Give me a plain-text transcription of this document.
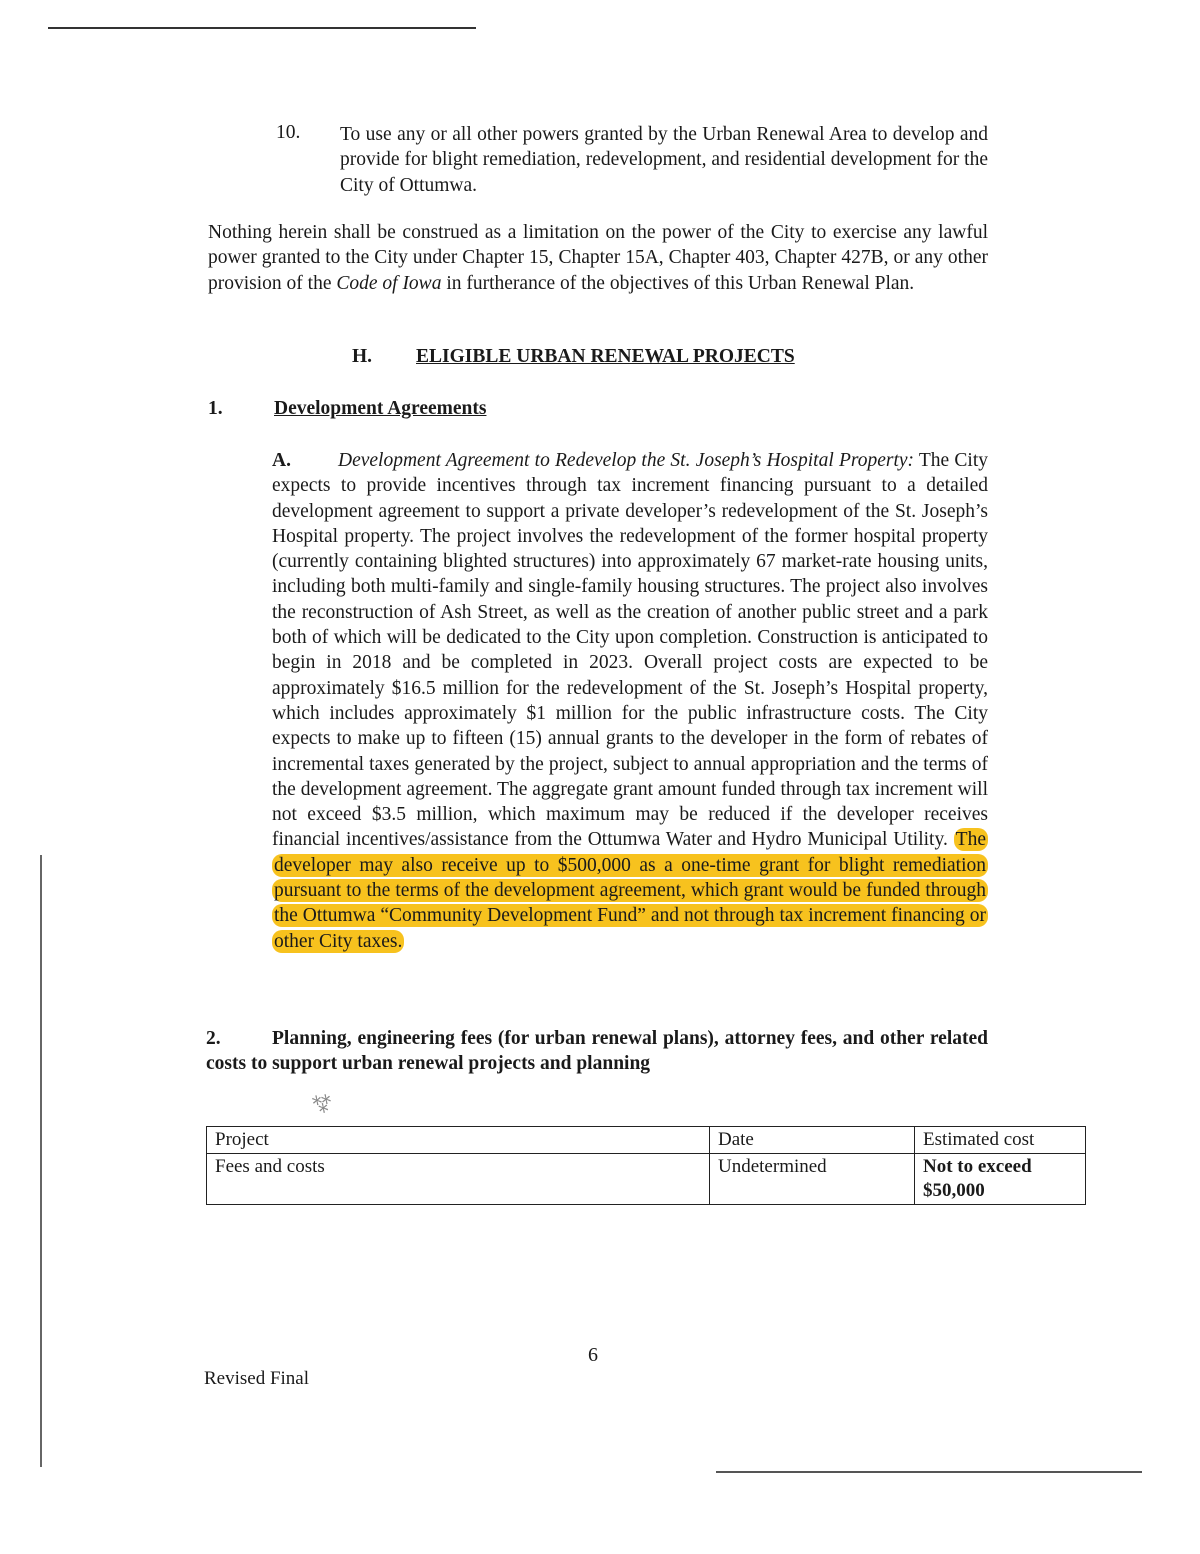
10. To use any or all other powers granted by the Urban Renewal Area to develop and provide for blight remediation, redevelopment, and residential development for the City of Ottumwa.
Nothing herein shall be construed as a limitation on the power of the City to exercise any lawful power granted to the City under Chapter 15, Chapter 15A, Chapter 403, Chapter 427B, or any other provision of the Code of Iowa in furtherance of the objectives of this Urban Renewal Plan.
H. ELIGIBLE URBAN RENEWAL PROJECTS
1.	Development Agreements
A. Development Agreement to Redevelop the St. Joseph’s Hospital Property: The City expects to provide incentives through tax increment financing pursuant to a detailed development agreement to support a private developer’s redevelopment of the St. Joseph’s Hospital property. The project involves the redevelopment of the former hospital property (currently containing blighted structures) into approximately 67 market-rate housing units, including both multi-family and single-family housing structures. The project also involves the reconstruction of Ash Street, as well as the creation of another public street and a park both of which will be dedicated to the City upon completion. Construction is anticipated to begin in 2018 and be completed in 2023. Overall project costs are expected to be approximately $16.5 million for the redevelopment of the St. Joseph’s Hospital property, which includes approximately $1 million for the public infrastructure costs. The City expects to make up to fifteen (15) annual grants to the developer in the form of rebates of incremental taxes generated by the project, subject to annual appropriation and the terms of the development agreement. The aggregate grant amount funded through tax increment will not exceed $3.5 million, which maximum may be reduced if the developer receives financial incentives/assistance from the Ottumwa Water and Hydro Municipal Utility. The developer may also receive up to $500,000 as a one-time grant for blight remediation pursuant to the terms of the development agreement, which grant would be funded through the Ottumwa “Community Development Fund” and not through tax increment financing or other City taxes.
2.	Planning, engineering fees (for urban renewal plans), attorney fees, and other related costs to support urban renewal projects and planning
⁂
Project	Date	Estimated cost
Fees and costs	Undetermined	Not to exceed
$50,000
6
Revised Final
